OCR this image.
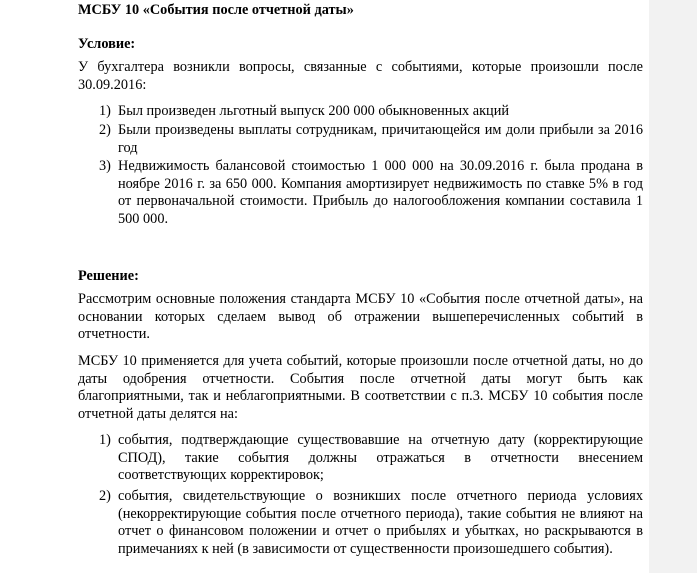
МСБУ 10 «События после отчетной даты»
Условие:
У бухгалтера возникли вопросы, связанные с событиями, которые произошли после 30.09.2016:
1) Был произведен льготный выпуск 200 000 обыкновенных акций
2) Были произведены выплаты сотрудникам, причитающейся им доли прибыли за 2016 год
3) Недвижимость балансовой стоимостью 1 000 000 на 30.09.2016 г. была продана в ноябре 2016 г. за 650 000. Компания амортизирует недвижимость по ставке 5% в год от первоначальной стоимости. Прибыль до налогообложения компании составила 1 500 000.
Решение:
Рассмотрим основные положения стандарта МСБУ 10 «События после отчетной даты», на основании которых сделаем вывод об отражении вышеперечисленных событий в отчетности.
МСБУ 10 применяется для учета событий, которые произошли после отчетной даты, но до даты одобрения отчетности. События после отчетной даты могут быть как благоприятными, так и неблагоприятными. В соответствии с п.3. МСБУ 10 события после отчетной даты делятся на:
1) события, подтверждающие существовавшие на отчетную дату (корректирующие СПОД), такие события должны отражаться в отчетности внесением соответствующих корректировок;
2) события, свидетельствующие о возникших после отчетного периода условиях (некорректирующие события после отчетного периода), такие события не влияют на отчет о финансовом положении и отчет о прибылях и убытках, но раскрываются в примечаниях к ней (в зависимости от существенности произошедшего события).
